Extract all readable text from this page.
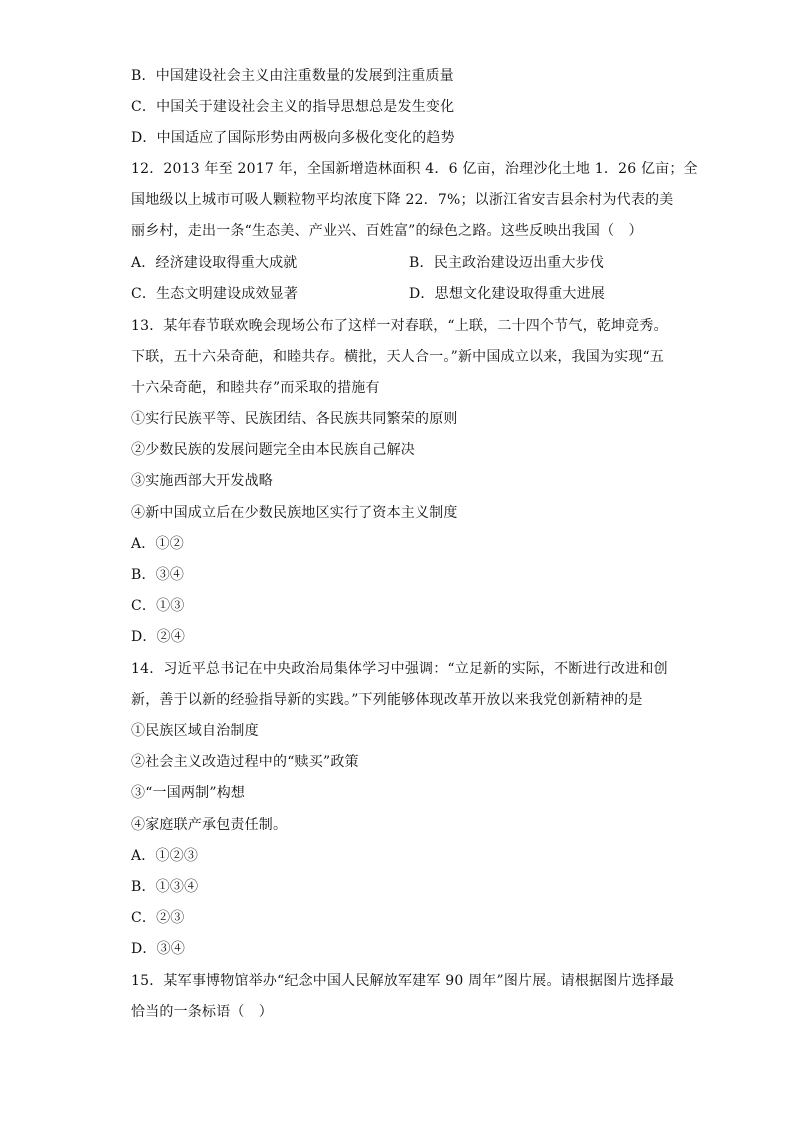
B．中国建设社会主义由注重数量的发展到注重质量
C．中国关于建设社会主义的指导思想总是发生变化
D．中国适应了国际形势由两极向多极化变化的趋势
12．2013 年至 2017 年，全国新增造林面积 4．6 亿亩，治理沙化土地 1．26 亿亩；全
国地级以上城市可吸人颗粒物平均浓度下降 22．7%；以浙江省安吉县余村为代表的美
丽乡村，走出一条“生态美、产业兴、百姓富”的绿色之路。这些反映出我国（　）
A．经济建设取得重大成就	B．民主政治建设迈出重大步伐
C．生态文明建设成效显著	D．思想文化建设取得重大进展
13．某年春节联欢晚会现场公布了这样一对春联，“上联，二十四个节气，乾坤竞秀。
下联，五十六朵奇葩，和睦共存。横批，天人合一。”新中国成立以来，我国为实现“五
十六朵奇葩，和睦共存”而采取的措施有
①实行民族平等、民族团结、各民族共同繁荣的原则
②少数民族的发展问题完全由本民族自己解决
③实施西部大开发战略
④新中国成立后在少数民族地区实行了资本主义制度
A．①②
B．③④
C．①③
D．②④
14．习近平总书记在中央政治局集体学习中强调：“立足新的实际，不断进行改进和创
新，善于以新的经验指导新的实践。”下列能够体现改革开放以来我党创新精神的是
①民族区域自治制度
②社会主义改造过程中的“赎买”政策
③“一国两制”构想
④家庭联产承包责任制。
A．①②③
B．①③④
C．②③
D．③④
15．某军事博物馆举办“纪念中国人民解放军建军 90 周年”图片展。请根据图片选择最
恰当的一条标语（　）
